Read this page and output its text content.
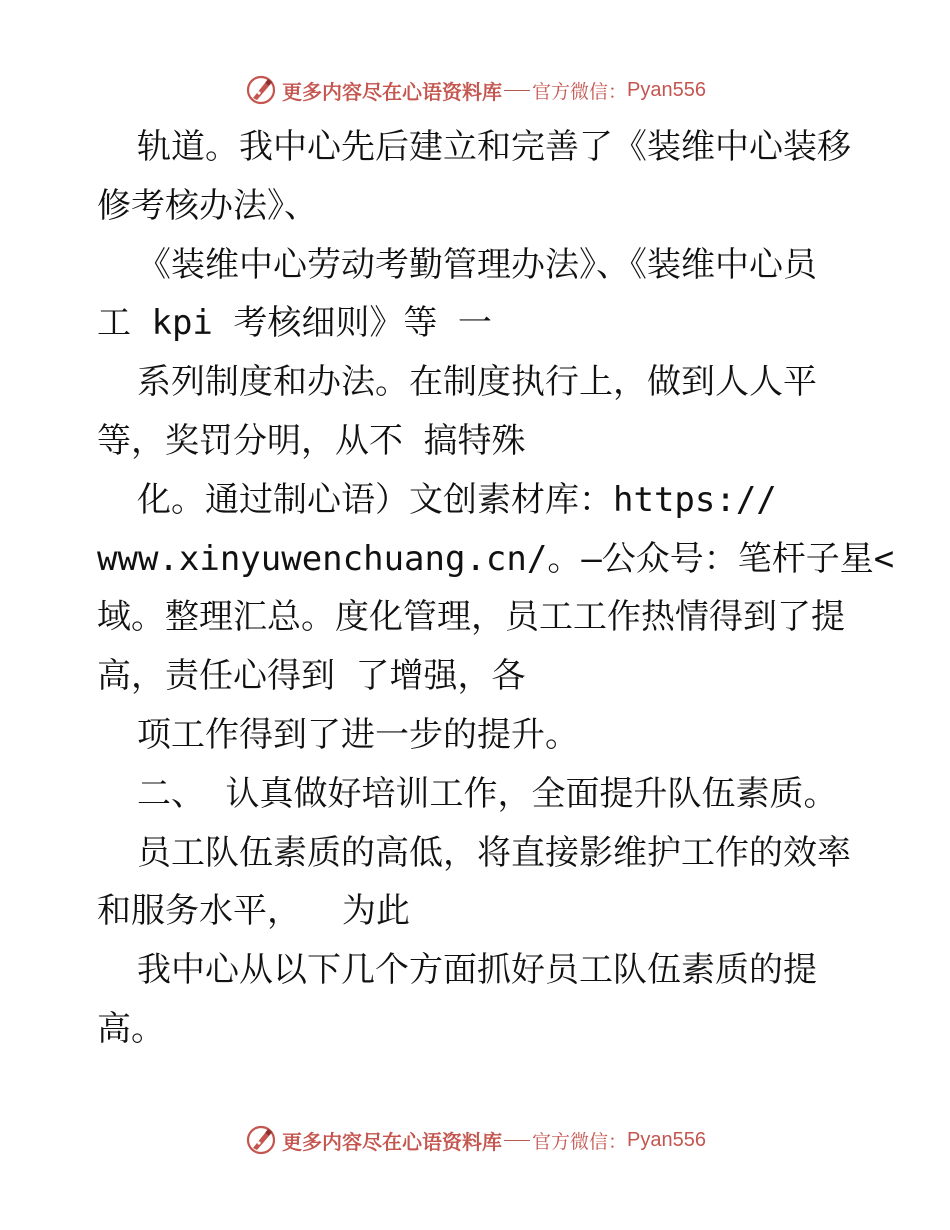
更多内容尽在心语资料库 官方微信： Pyan556
轨道。我中心先后建立和完善了《装维中心装移
修考核办法》、
《装维中心劳动考勤管理办法》、《装维中心员
工 kpi 考核细则》等 一
系列制度和办法。在制度执行上，做到人人平
等，奖罚分明，从不 搞特殊
化。通过制心语）文创素材库：https://
www.xinyuwenchuang.cn/。—公众号：笔杆子星<
域。整理汇总。度化管理，员工工作热情得到了提
高，责任心得到 了增强，各
项工作得到了进一步的提升。
二、 认真做好培训工作，全面提升队伍素质。
员工队伍素质的高低，将直接影维护工作的效率
和服务水平，  为此
我中心从以下几个方面抓好员工队伍素质的提
高。
更多内容尽在心语资料库 官方微信： Pyan556
